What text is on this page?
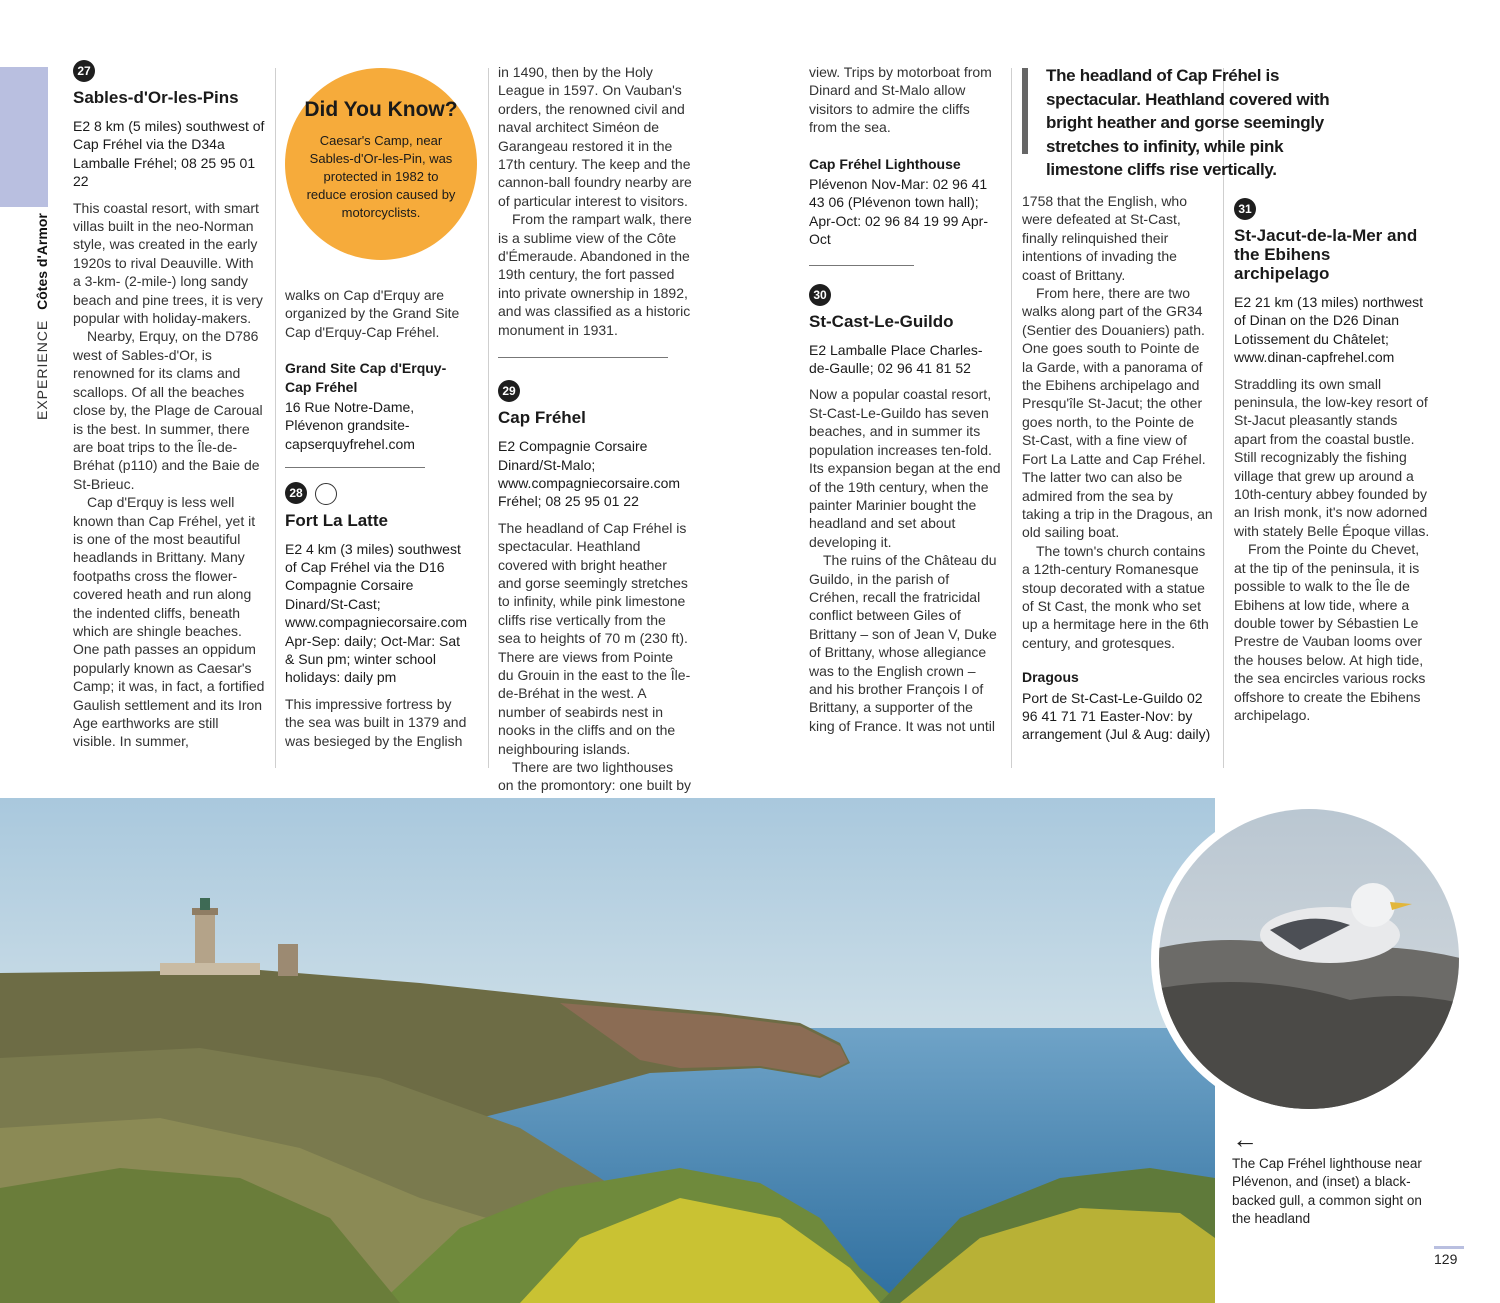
EXPERIENCE Côtes d'Armor
27
Sables-d'Or-les-Pins
E2 8 km (5 miles) southwest of Cap Fréhel via the D34a Lamballe Fréhel; 08 25 95 01 22

This coastal resort, with smart villas built in the neo-Norman style, was created in the early 1920s to rival Deauville. With a 3-km- (2-mile-) long sandy beach and pine trees, it is very popular with holiday-makers.

Nearby, Erquy, on the D786 west of Sables-d'Or, is renowned for its clams and scallops. Of all the beaches close by, the Plage de Caroual is the best. In summer, there are boat trips to the Île-de-Bréhat (p110) and the Baie de St-Brieuc.

Cap d'Erquy is less well known than Cap Fréhel, yet it is one of the most beautiful headlands in Brittany. Many footpaths cross the flower-covered heath and run along the indented cliffs, beneath which are shingle beaches. One path passes an oppidum popularly known as Caesar's Camp; it was, in fact, a fortified Gaulish settlement and its Iron Age earthworks are still visible. In summer,

Did You Know?
Caesar's Camp, near Sables-d'Or-les-Pin, was protected in 1982 to reduce erosion caused by motorcyclists.

walks on Cap d'Erquy are organized by the Grand Site Cap d'Erquy-Cap Fréhel.

Grand Site Cap d'Erquy-Cap Fréhel
16 Rue Notre-Dame, Plévenon grandsite-capserquyfrehel.com
28
Fort La Latte
E2 4 km (3 miles) southwest of Cap Fréhel via the D16 Compagnie Corsaire Dinard/St-Cast; www.compagniecorsaire.com Apr-Sep: daily; Oct-Mar: Sat & Sun pm; winter school holidays: daily pm

This impressive fortress by the sea was built in 1379 and was besieged by the English

in 1490, then by the Holy League in 1597. On Vauban's orders, the renowned civil and naval architect Siméon de Garangeau restored it in the 17th century. The keep and the cannon-ball foundry nearby are of particular interest to visitors.

From the rampart walk, there is a sublime view of the Côte d'Émeraude. Abandoned in the 19th century, the fort passed into private ownership in 1892, and was classified as a historic monument in 1931.

29
Cap Fréhel
E2 Compagnie Corsaire Dinard/St-Malo; www.compagniecorsaire.com Fréhel; 08 25 95 01 22

The headland of Cap Fréhel is spectacular. Heathland covered with bright heather and gorse seemingly stretches to infinity, while pink limestone cliffs rise vertically from the sea to heights of 70 m (230 ft). There are views from Pointe du Grouin in the east to the Île-de-Bréhat in the west. A number of seabirds nest in nooks in the cliffs and on the neighbouring islands.

There are two lighthouses on the promontory: one built by

view. Trips by motorboat from Dinard and St-Malo allow visitors to admire the cliffs from the sea.

Cap Fréhel Lighthouse
Plévenon Nov-Mar: 02 96 41 43 06 (Plévenon town hall); Apr-Oct: 02 96 84 19 99 Apr-Oct
30
St-Cast-Le-Guildo
E2 Lamballe Place Charles-de-Gaulle; 02 96 41 81 52

Now a popular coastal resort, St-Cast-Le-Guildo has seven beaches, and in summer its population increases ten-fold. Its expansion began at the end of the 19th century, when the painter Marinier bought the headland and set about developing it.

The ruins of the Château du Guildo, in the parish of Créhen, recall the fratricidal conflict between Giles of Brittany – son of Jean V, Duke of Brittany, whose allegiance was to the English crown – and his brother François I of Brittany, a supporter of the king of France. It was not until

The headland of Cap Fréhel is spectacular. Heathland covered with bright heather and gorse seemingly stretches to infinity, while pink limestone cliffs rise vertically.

1758 that the English, who were defeated at St-Cast, finally relinquished their intentions of invading the coast of Brittany.

From here, there are two walks along part of the GR34 (Sentier des Douaniers) path. One goes south to Pointe de la Garde, with a panorama of the Ebihens archipelago and Presqu'île St-Jacut; the other goes north, to the Pointe de St-Cast, with a fine view of Fort La Latte and Cap Fréhel. The latter two can also be admired from the sea by taking a trip in the Dragous, an old sailing boat.

The town's church contains a 12th-century Romanesque stoup decorated with a statue of St Cast, the monk who set up a hermitage here in the 6th century, and grotesques.

Dragous
Port de St-Cast-Le-Guildo 02 96 41 71 71 Easter-Nov: by arrangement (Jul & Aug: daily)
31
St-Jacut-de-la-Mer and the Ebihens archipelago
E2 21 km (13 miles) northwest of Dinan on the D26 Dinan Lotissement du Châtelet; www.dinan-capfrehel.com

Straddling its own small peninsula, the low-key resort of St-Jacut pleasantly stands apart from the coastal bustle. Still recognizably the fishing village that grew up around a 10th-century abbey founded by an Irish monk, it's now adorned with stately Belle Époque villas.

From the Pointe du Chevet, at the tip of the peninsula, it is possible to walk to the Île de Ebihens at low tide, where a double tower by Sébastien Le Prestre de Vauban looms over the houses below. At high tide, the sea encircles various rocks offshore to create the Ebihens archipelago.

←
The Cap Fréhel lighthouse near Plévenon, and (inset) a black-backed gull, a common sight on the headland
129
